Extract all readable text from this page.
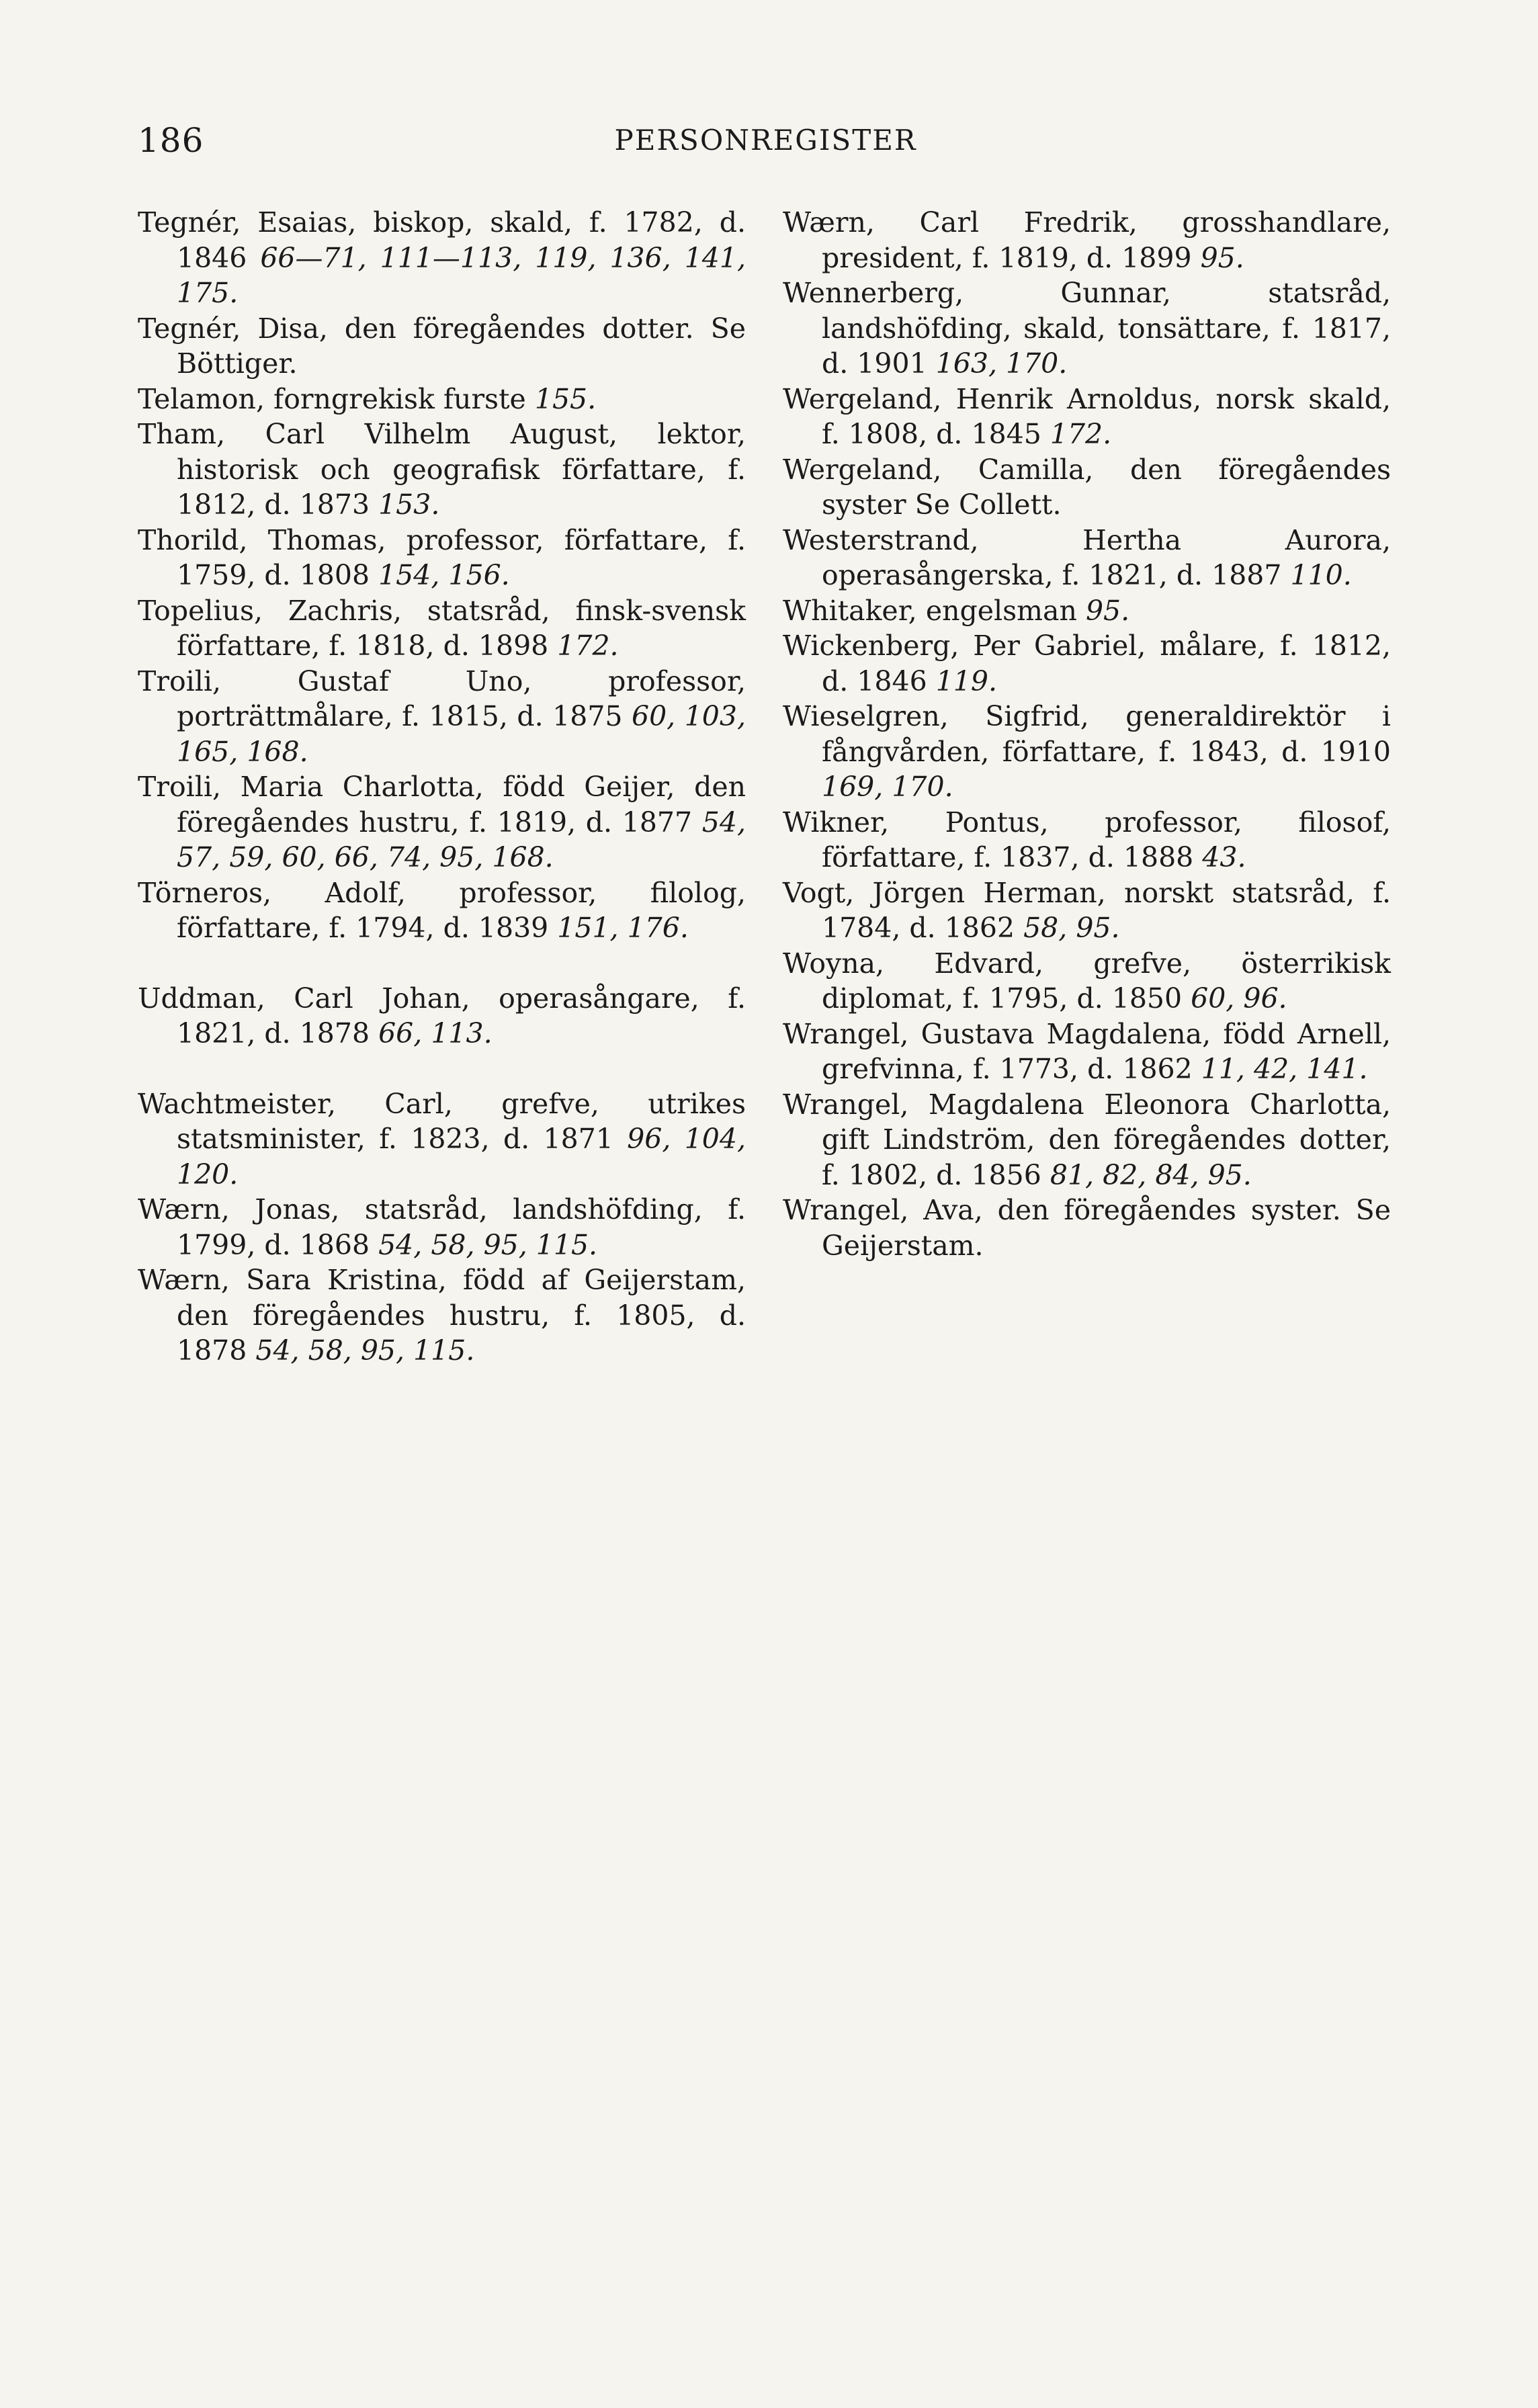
186	PERSONREGISTER
Tegnér, Esaias, biskop, skald, f. 1782, d. 1846 66—71, 111—113, 119, 136, 141, 175.
Tegnér, Disa, den föregåendes dotter. Se Böttiger.
Telamon, forngrekisk furste 155.
Tham, Carl Vilhelm August, lektor, historisk och geografisk författare, f. 1812, d. 1873 153.
Thorild, Thomas, professor, författare, f. 1759, d. 1808 154, 156.
Topelius, Zachris, statsråd, finsk-svensk författare, f. 1818, d. 1898 172.
Troili, Gustaf Uno, professor, porträttmålare, f. 1815, d. 1875 60, 103, 165, 168.
Troili, Maria Charlotta, född Geijer, den föregåendes hustru, f. 1819, d. 1877 54, 57, 59, 60, 66, 74, 95, 168.
Törneros, Adolf, professor, filolog, författare, f. 1794, d. 1839 151, 176.
Uddman, Carl Johan, operasångare, f. 1821, d. 1878 66, 113.
Wachtmeister, Carl, grefve, utrikes statsminister, f. 1823, d. 1871 96, 104, 120.
Wærn, Jonas, statsråd, landshöfding, f. 1799, d. 1868 54, 58, 95, 115.
Wærn, Sara Kristina, född af Geijerstam, den föregåendes hustru, f. 1805, d. 1878 54, 58, 95, 115.
Wærn, Carl Fredrik, grosshandlare, president, f. 1819, d. 1899 95.
Wennerberg, Gunnar, statsråd, landshöfding, skald, tonsättare, f. 1817, d. 1901 163, 170.
Wergeland, Henrik Arnoldus, norsk skald, f. 1808, d. 1845 172.
Wergeland, Camilla, den föregåendes syster Se Collett.
Westerstrand, Hertha Aurora, operasångerska, f. 1821, d. 1887 110.
Whitaker, engelsman 95.
Wickenberg, Per Gabriel, målare, f. 1812, d. 1846 119.
Wieselgren, Sigfrid, generaldirektör i fångvården, författare, f. 1843, d. 1910 169, 170.
Wikner, Pontus, professor, filosof, författare, f. 1837, d. 1888 43.
Vogt, Jörgen Herman, norskt statsråd, f. 1784, d. 1862 58, 95.
Woyna, Edvard, grefve, österrikisk diplomat, f. 1795, d. 1850 60, 96.
Wrangel, Gustava Magdalena, född Arnell, grefvinna, f. 1773, d. 1862 11, 42, 141.
Wrangel, Magdalena Eleonora Charlotta, gift Lindström, den föregåendes dotter, f. 1802, d. 1856 81, 82, 84, 95.
Wrangel, Ava, den föregåendes syster. Se Geijerstam.
